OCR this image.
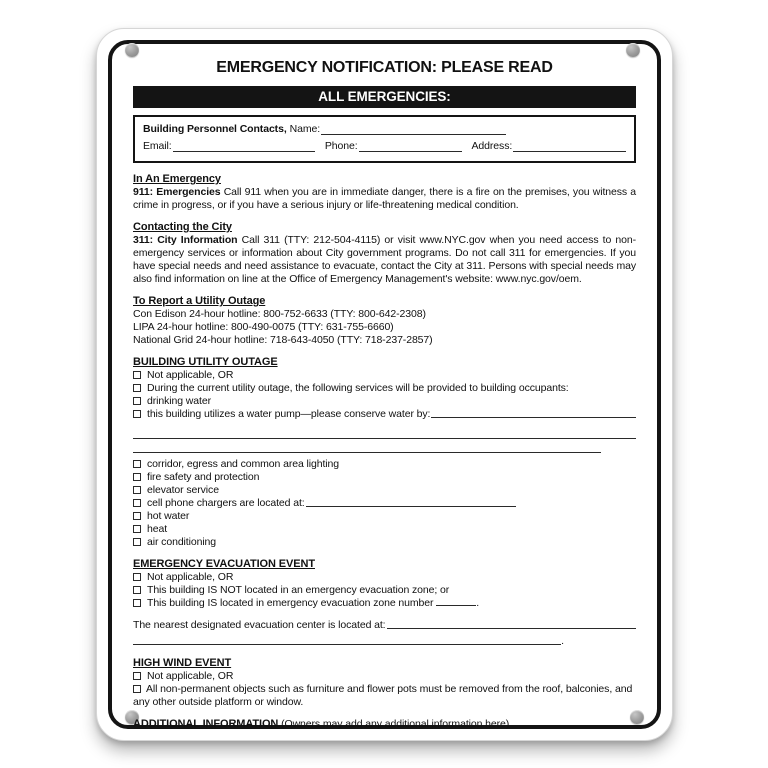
EMERGENCY NOTIFICATION: PLEASE READ
ALL EMERGENCIES:
Building Personnel Contacts, Name:
Email:	Phone:	Address:
In An Emergency
911: Emergencies Call 911 when you are in immediate danger, there is a fire on the premises, you witness a crime in progress, or if you have a serious injury or life-threatening medical condition.
Contacting the City
311: City Information Call 311 (TTY: 212-504-4115) or visit www.NYC.gov when you need access to non-emergency services or information about City government programs. Do not call 311 for emergencies. If you have special needs and need assistance to evacuate, contact the City at 311. Persons with special needs may also find information on line at the Office of Emergency Management's website: www.nyc.gov/oem.
To Report a Utility Outage
Con Edison 24-hour hotline: 800-752-6633 (TTY: 800-642-2308)
LIPA 24-hour hotline: 800-490-0075 (TTY: 631-755-6660)
National Grid 24-hour hotline: 718-643-4050 (TTY: 718-237-2857)
BUILDING UTILITY OUTAGE
Not applicable, OR
During the current utility outage, the following services will be provided to building occupants:
drinking water
this building utilizes a water pump—please conserve water by:
corridor, egress and common area lighting
fire safety and protection
elevator service
cell phone chargers are located at:
hot water
heat
air conditioning
EMERGENCY EVACUATION EVENT
Not applicable, OR
This building IS NOT located in an emergency evacuation zone; or
This building IS located in emergency evacuation zone number	.
The nearest designated evacuation center is located at:
.
HIGH WIND EVENT
Not applicable, OR
All non-permanent objects such as furniture and flower pots must be removed from the roof, balconies, and any other outside platform or window.
ADDITIONAL INFORMATION (Owners may add any additional information here)
